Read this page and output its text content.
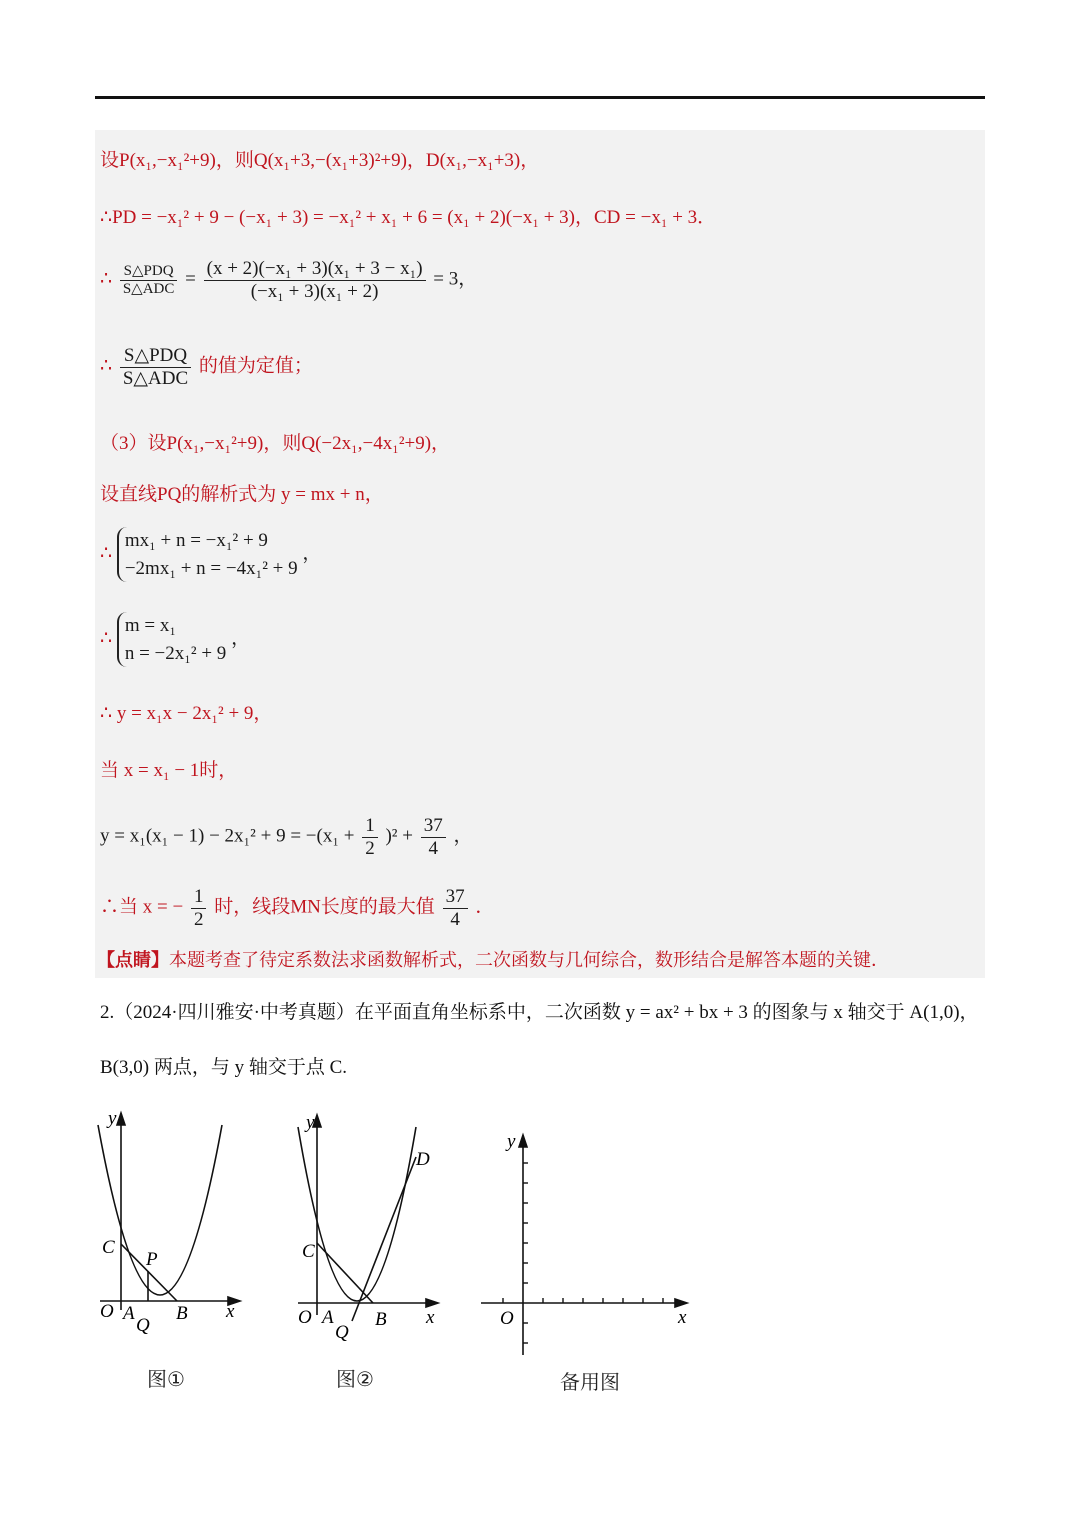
设P(x₁,−x₁²+9)，则Q(x₁+3,−(x₁+3)²+9)，D(x₁,−x₁+3)，
∴PD = −x₁² + 9 − (−x₁ + 3) = −x₁² + x₁ + 6 = (x₁ + 2)(−x₁ + 3)，CD = −x₁ + 3．
∴ $\frac{\text{S△PDQ}}{\text{S△ADC}} = \frac{\text{(x + 2)(−x₁ + 3)(x₁ + 3 − x₁)}}{\text{(−x₁ + 3)(x₁ + 2)}} = 3$，
∴ $\frac{\text{S△PDQ}}{\text{S△ADC}}$ 的值为定值；
（3）设P(x₁,−x₁²+9)，则Q(−2x₁,−4x₁²+9)，
设直线PQ的解析式为 y = mx + n，
∴ mx₁ + n = −x₁² + 9
−2mx₁ + n = −4x₁² + 9 ，
∴ m = x₁
n = −2x₁² + 9 ，
∴ y = x₁x − 2x₁² + 9，
当 x = x₁ − 1时，
$y = x_1(x_1 - 1) - 2x_1^2 + 9 = -(x_1 + \frac{1}{2} )^2 + \frac{37}{4}$ ，
∴当 x = − $\frac{1}{2}$ 时，线段MN长度的最大值 $\frac{37}{4}$ ．
【点睛】本题考查了待定系数法求函数解析式，二次函数与几何综合，数形结合是解答本题的关键．
2.（2024·四川雅安·中考真题）在平面直角坐标系中，二次函数 y = ax² + bx + 3 的图象与 x 轴交于 A(1,0)，
B(3,0) 两点，与 y 轴交于点 C.
y
x
O A B
C
P
Q
图①
y
x
O A B
C
D
Q
图②
y
x
O
备用图
